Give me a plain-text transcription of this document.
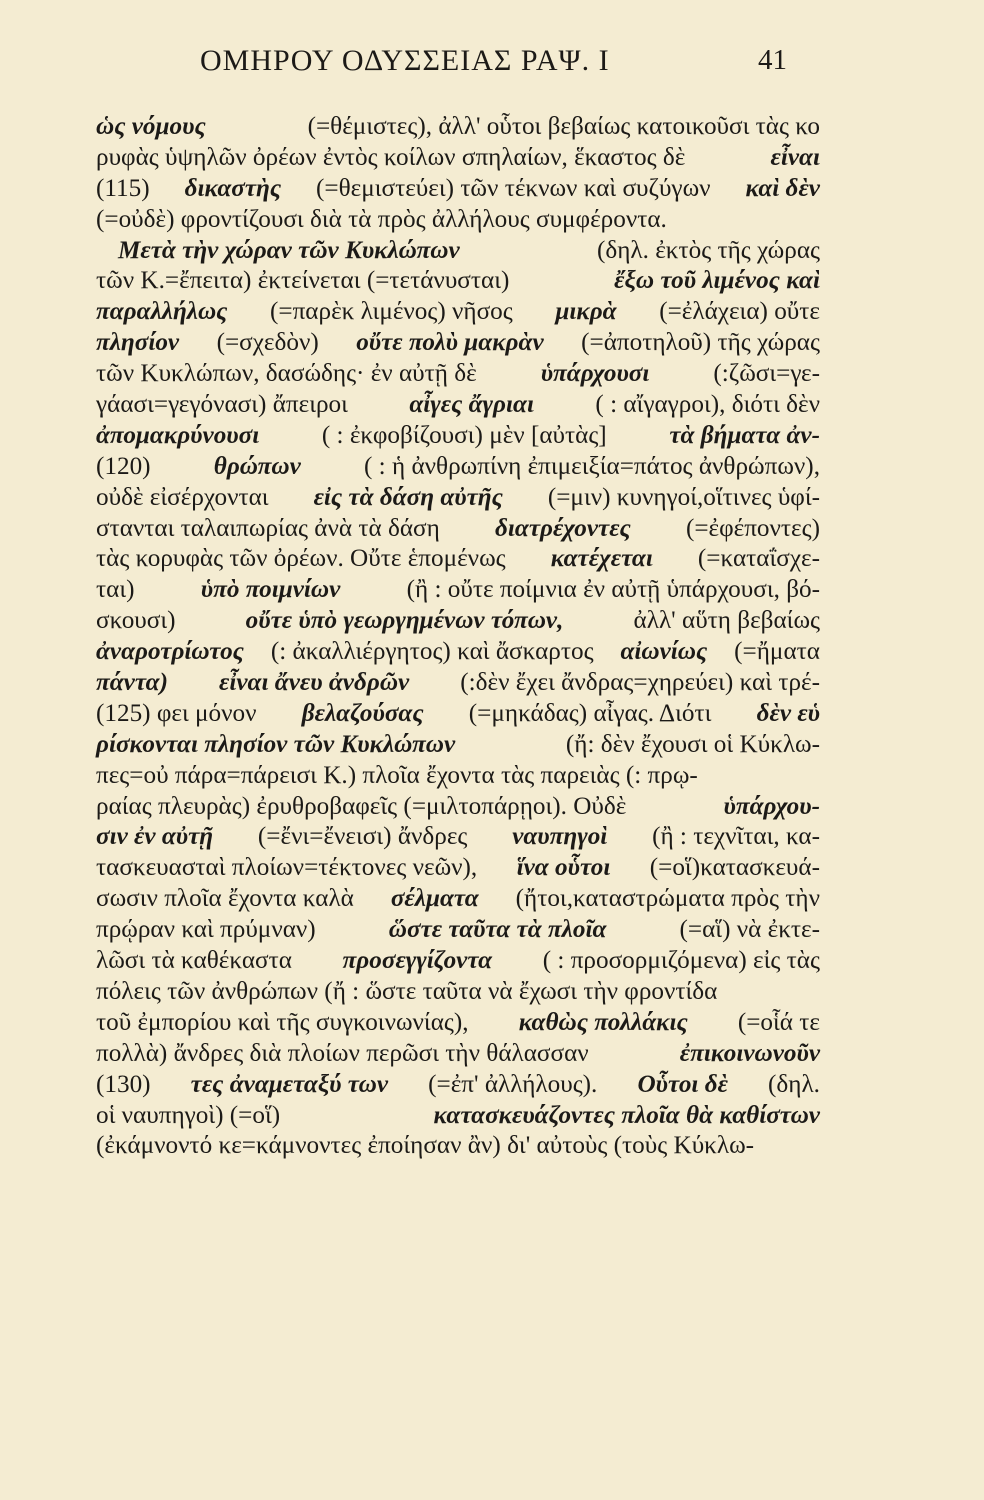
ΟΜΗΡΟΥ ΟΔΥΣΣΕΙΑΣ ΡΑΨ. Ι	41
ὡς νόμους	(=θέμιστες), ἀλλ' οὗτοι βεβαίως κατοικοῦσι τὰς κο
ρυφὰς ὑψηλῶν ὀρέων ἐντὸς κοίλων σπηλαίων, ἕκαστος δὲ	εἶναι
(115) δικαστὴς (=θεμιστεύει) τῶν τέκνων καὶ συζύγων καὶ δὲν
(=οὐδὲ) φροντίζουσι διὰ τὰ πρὸς ἀλλήλους συμφέροντα.
Μετὰ τὴν χώραν τῶν Κυκλώπων	(δηλ. ἐκτὸς τῆς χώρας
τῶν Κ.=ἔπειτα) ἐκτείνεται (=τετάνυσται)	ἔξω τοῦ λιμένος καὶ
παραλλήλως (=παρὲκ λιμένος) νῆσος μικρὰ (=ἐλάχεια) οὔτε
πλησίον (=σχεδὸν) οὔτε πολὺ μακρὰν (=ἀποτηλοῦ) τῆς χώρας
τῶν Κυκλώπων, δασώδης· ἐν αὐτῇ δὲ	ὑπάρχουσι	(:ζῶσι=γε-
γάασι=γεγόνασι) ἄπειροι αἶγες ἄγριαι ( : αἴγαγροι), διότι δὲν
ἀπομακρύνουσι ( : ἐκφοβίζουσι) μὲν [αὐτὰς] τὰ βήματα ἀν-
(120)	θρώπων	( : ἡ ἀνθρωπίνη ἐπιμειξία=πάτος ἀνθρώπων),
οὐδὲ εἰσέρχονται εἰς τὰ δάση αὐτῆς (=μιν) κυνηγοί,οἵτινες ὑφί-
στανται ταλαιπωρίας ἀνὰ τὰ δάση διατρέχοντες (=ἐφέποντες)
τὰς κορυφὰς τῶν ὀρέων. Οὔτε ἑπομένως κατέχεται (=καταΐσχε-
ται)	ὑπὸ ποιμνίων	(ἢ : οὔτε ποίμνια ἐν αὐτῇ ὑπάρχουσι, βό-
σκουσι)	οὔτε ὑπὸ γεωργημένων τόπων,	ἀλλ' αὕτη βεβαίως
ἀναροτρίωτος (: ἀκαλλιέργητος) καὶ ἄσκαρτος αἰωνίως (=ἤματα
πάντα) εἶναι ἄνευ ἀνδρῶν (:δὲν ἔχει ἄνδρας=χηρεύει) καὶ τρέ-
(125) φει μόνον βελαζούσας (=μηκάδας) αἶγας. Διότι δὲν εὑ
ρίσκονται πλησίον τῶν Κυκλώπων	(ἤ: δὲν ἔχουσι οἱ Κύκλω-
πες=οὐ πάρα=πάρεισι Κ.) πλοῖα ἔχοντα τὰς παρειὰς (: πρῳ-
ραίας πλευρὰς) ἐρυθροβαφεῖς (=μιλτοπάρῃοι). Οὐδὲ	ὑπάρχου-
σιν ἐν αὐτῇ (=ἔνι=ἔνεισι) ἄνδρες ναυπηγοὶ (ἢ : τεχνῖται, κα-
τασκευασταὶ πλοίων=τέκτονες νεῶν), ἵνα οὗτοι (=οἵ)κατασκευά-
σωσιν πλοῖα ἔχοντα καλὰ σέλματα (ἤτοι,καταστρώματα πρὸς τὴν
πρῴραν καὶ πρύμναν)	ὥστε ταῦτα τὰ πλοῖα	(=αἵ) νὰ ἐκτε-
λῶσι τὰ καθέκαστα προσεγγίζοντα ( : προσορμιζόμενα) εἰς τὰς
πόλεις τῶν ἀνθρώπων (ἤ : ὥστε ταῦτα νὰ ἔχωσι τὴν φροντίδα
τοῦ ἐμπορίου καὶ τῆς συγκοινωνίας), καθὼς πολλάκις (=οἷά τε
πολλὰ) ἄνδρες διὰ πλοίων περῶσι τὴν θάλασσαν	ἐπικοινωνοῦν
(130) τες ἀναμεταξύ των (=ἐπ' ἀλλήλους). Οὗτοι δὲ (δηλ.
οἱ ναυπηγοὶ) (=οἵ)	κατασκευάζοντες πλοῖα θὰ καθίστων
(ἐκάμνοντό κε=κάμνοντες ἐποίησαν ἂν) δι' αὐτοὺς (τοὺς Κύκλω-
